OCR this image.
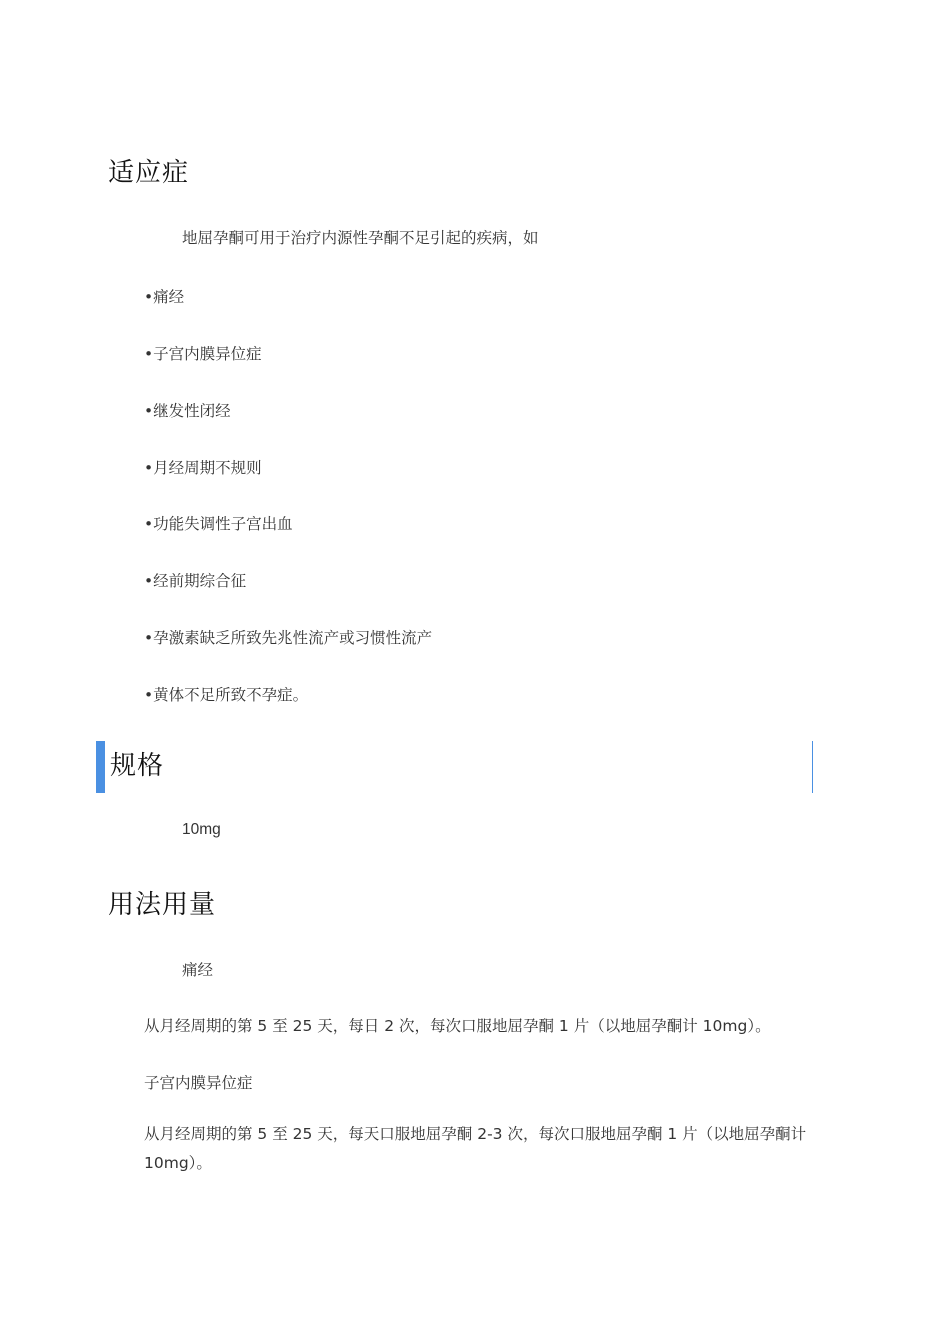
适应症
地屈孕酮可用于治疗内源性孕酮不足引起的疾病，如
•痛经
•子宫内膜异位症
•继发性闭经
•月经周期不规则
•功能失调性子宫出血
•经前期综合征
•孕激素缺乏所致先兆性流产或习惯性流产
•黄体不足所致不孕症。
规格
10mg
用法用量
痛经
从月经周期的第 5 至 25 天，每日 2 次，每次口服地屈孕酮 1 片（以地屈孕酮计 10mg）。
子宫内膜异位症
从月经周期的第 5 至 25 天，每天口服地屈孕酮 2-3 次，每次口服地屈孕酮 1 片（以地屈孕酮计 10mg）。
